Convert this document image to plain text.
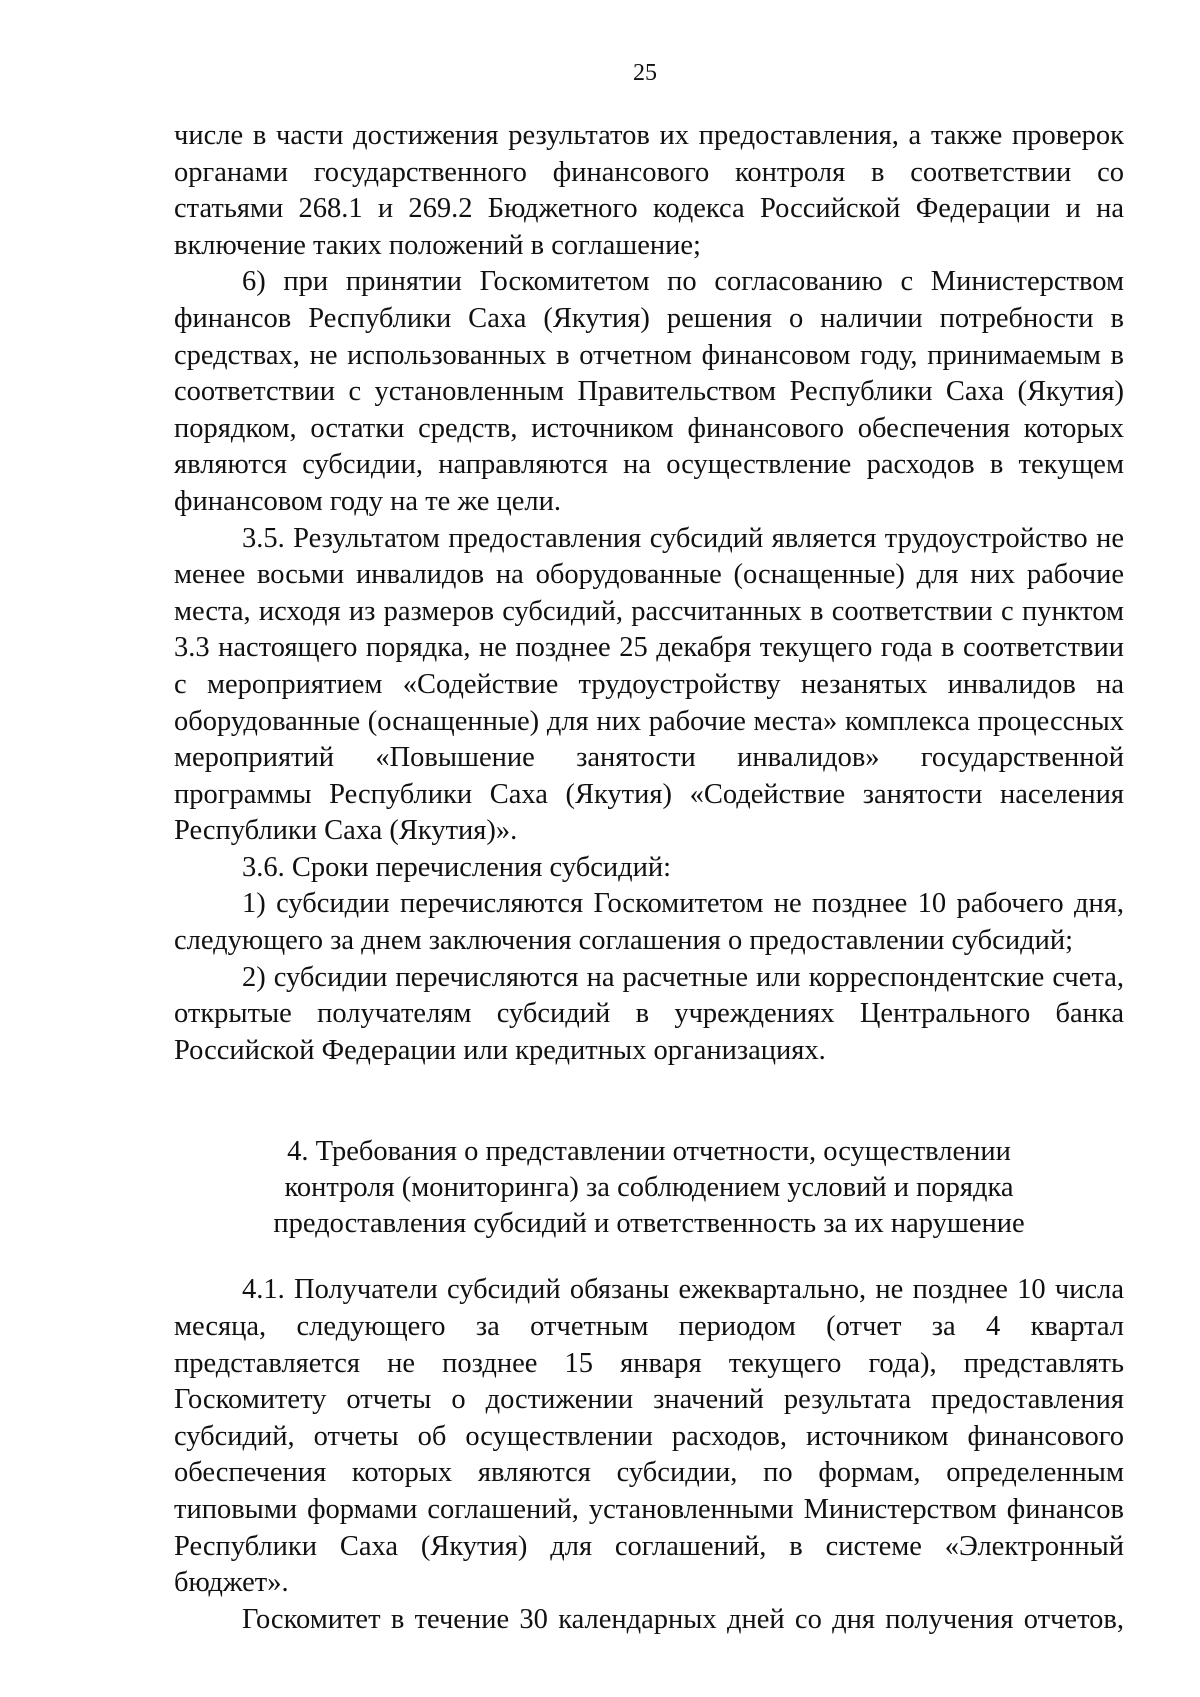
25

числе в части достижения результатов их предоставления, а также проверок органами государственного финансового контроля в соответствии со статьями 268.1 и 269.2 Бюджетного кодекса Российской Федерации и на включение таких положений в соглашение;

6) при принятии Госкомитетом по согласованию с Министерством финансов Республики Саха (Якутия) решения о наличии потребности в средствах, не использованных в отчетном финансовом году, принимаемым в соответствии с установленным Правительством Республики Саха (Якутия) порядком, остатки средств, источником финансового обеспечения которых являются субсидии, направляются на осуществление расходов в текущем финансовом году на те же цели.

3.5. Результатом предоставления субсидий является трудоустройство не менее восьми инвалидов на оборудованные (оснащенные) для них рабочие места, исходя из размеров субсидий, рассчитанных в соответствии с пунктом 3.3 настоящего порядка, не позднее 25 декабря текущего года в соответствии с мероприятием «Содействие трудоустройству незанятых инвалидов на оборудованные (оснащенные) для них рабочие места» комплекса процессных мероприятий «Повышение занятости инвалидов» государственной программы Республики Саха (Якутия) «Содействие занятости населения Республики Саха (Якутия)».

3.6. Сроки перечисления субсидий:

1) субсидии перечисляются Госкомитетом не позднее 10 рабочего дня, следующего за днем заключения соглашения о предоставлении субсидий;

2) субсидии перечисляются на расчетные или корреспондентские счета, открытые получателям субсидий в учреждениях Центрального банка Российской Федерации или кредитных организациях.

4. Требования о представлении отчетности, осуществлении
контроля (мониторинга) за соблюдением условий и порядка
предоставления субсидий и ответственность за их нарушение

4.1. Получатели субсидий обязаны ежеквартально, не позднее 10 числа месяца, следующего за отчетным периодом (отчет за 4 квартал представляется не позднее 15 января текущего года), представлять Госкомитету отчеты о достижении значений результата предоставления субсидий, отчеты об осуществлении расходов, источником финансового обеспечения которых являются субсидии, по формам, определенным типовыми формами соглашений, установленными Министерством финансов Республики Саха (Якутия) для соглашений, в системе «Электронный бюджет».

Госкомитет в течение 30 календарных дней со дня получения отчетов,
